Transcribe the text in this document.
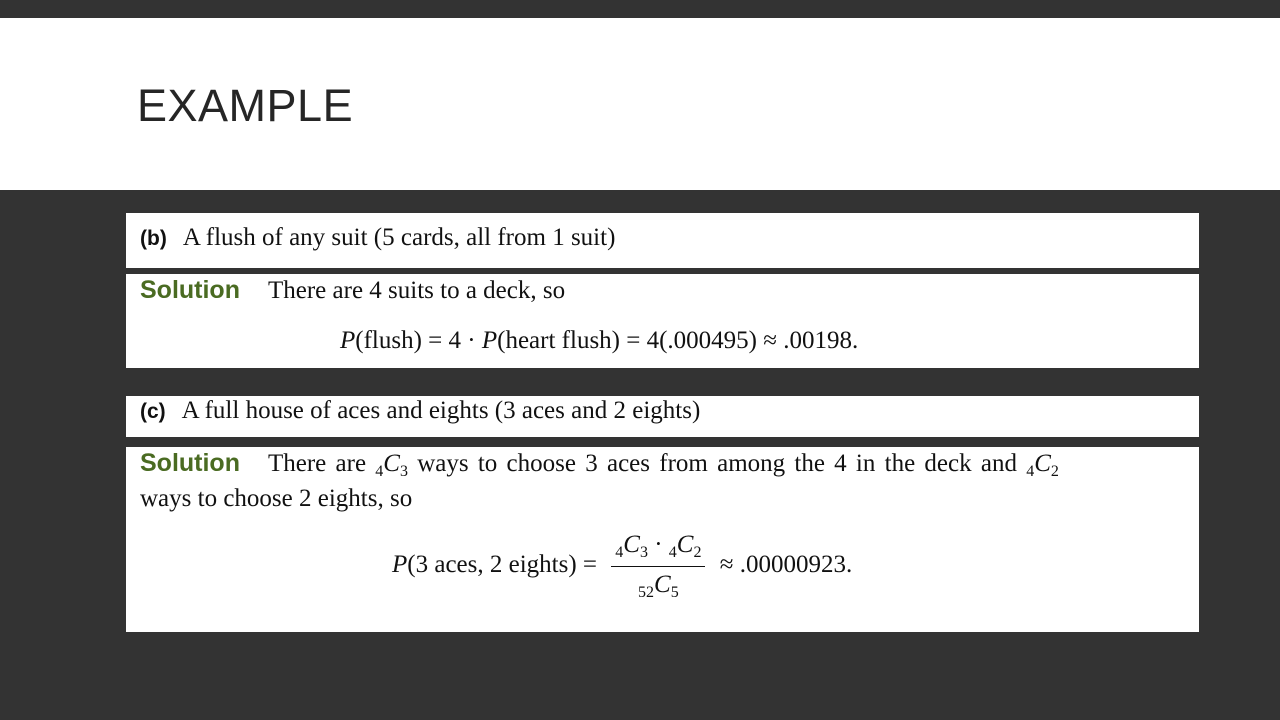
EXAMPLE
(b) A flush of any suit (5 cards, all from 1 suit)
Solution There are 4 suits to a deck, so
P(flush) = 4 · P(heart flush) = 4(.000495) ≈ .00198.
(c) A full house of aces and eights (3 aces and 2 eights)
Solution There are $_4C_3$ ways to choose 3 aces from among the 4 in the deck and $_4C_2$
ways to choose 2 eights, so
P(3 aces, 2 eights) = $\frac{_4C_3 \cdot _4C_2}{_{52}C_5} \approx .00000923$.
